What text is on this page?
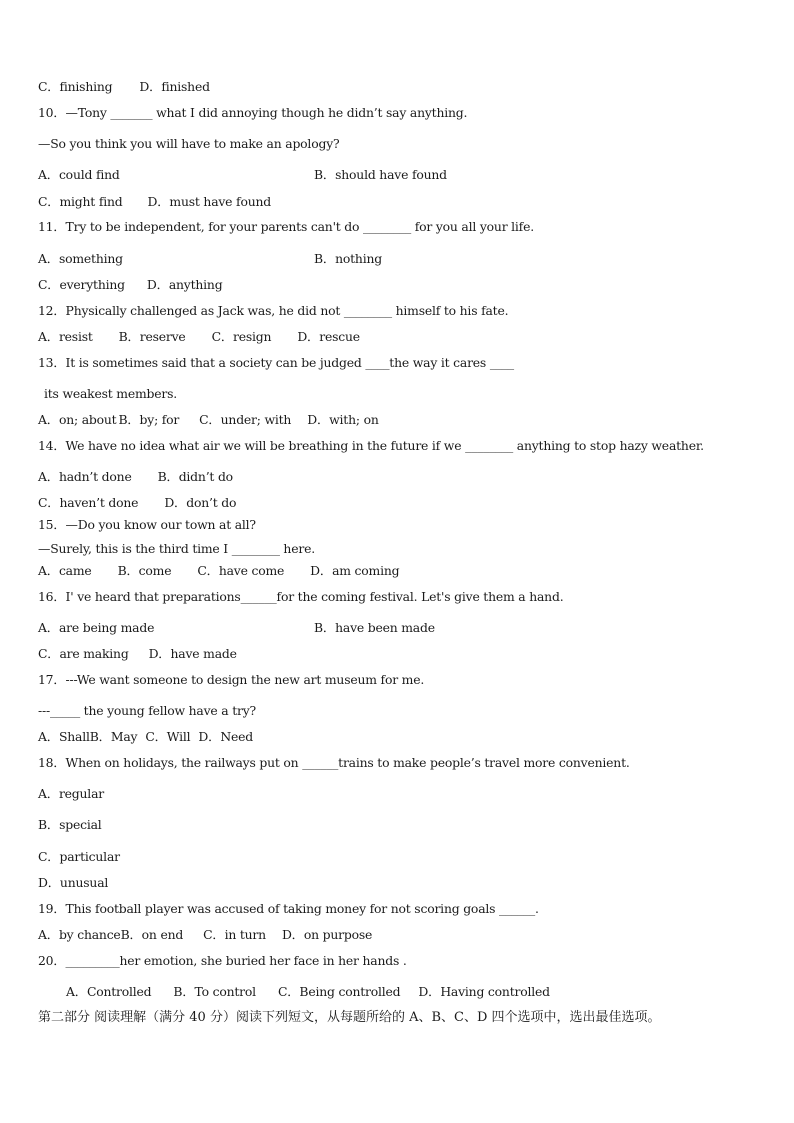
C．finishing D．finished
10．—Tony _______ what I did annoying though he didn’t say anything.
—So you think you will have to make an apology?
A．could find	B．should have found
C．might find D．must have found
11．Try to be independent, for your parents can't do ________ for you all your life.
A．something	B．nothing
C．everything D．anything
12．Physically challenged as Jack was, he did not ________ himself to his fate.
A．resist B．reserve C．resign D．rescue
13．It is sometimes said that a society can be judged ____the way it cares ____
its weakest members.
A．on; about B．by; for C．under; with D．with; on
14．We have no idea what air we will be breathing in the future if we ________ anything to stop hazy weather.
A．hadn’t done B．didn’t do
C．haven’t done D．don’t do
15．—Do you know our town at all?
—Surely, this is the third time I ________ here.
A．came B．come C．have come D．am coming
16．I' ve heard that preparations______for the coming festival. Let's give them a hand.
A．are being made	B．have been made
C．are making D．have made
17．---We want someone to design the new art museum for me.
---_____ the young fellow have a try?
A．ShallB．May C．Will D．Need
18．When on holidays, the railways put on ______trains to make people’s travel more convenient.
A．regular
B．special
C．particular
D．unusual
19．This football player was accused of taking money for not scoring goals ______.
A．by chanceB．on end C．in turn D．on purpose
20．_________her emotion, she buried her face in her hands .
A．Controlled B．To control C．Being controlled D．Having controlled
第二部分 阅读理解（满分 40 分）阅读下列短文，从每题所给的 A、B、C、D 四个选项中，选出最佳选项。
